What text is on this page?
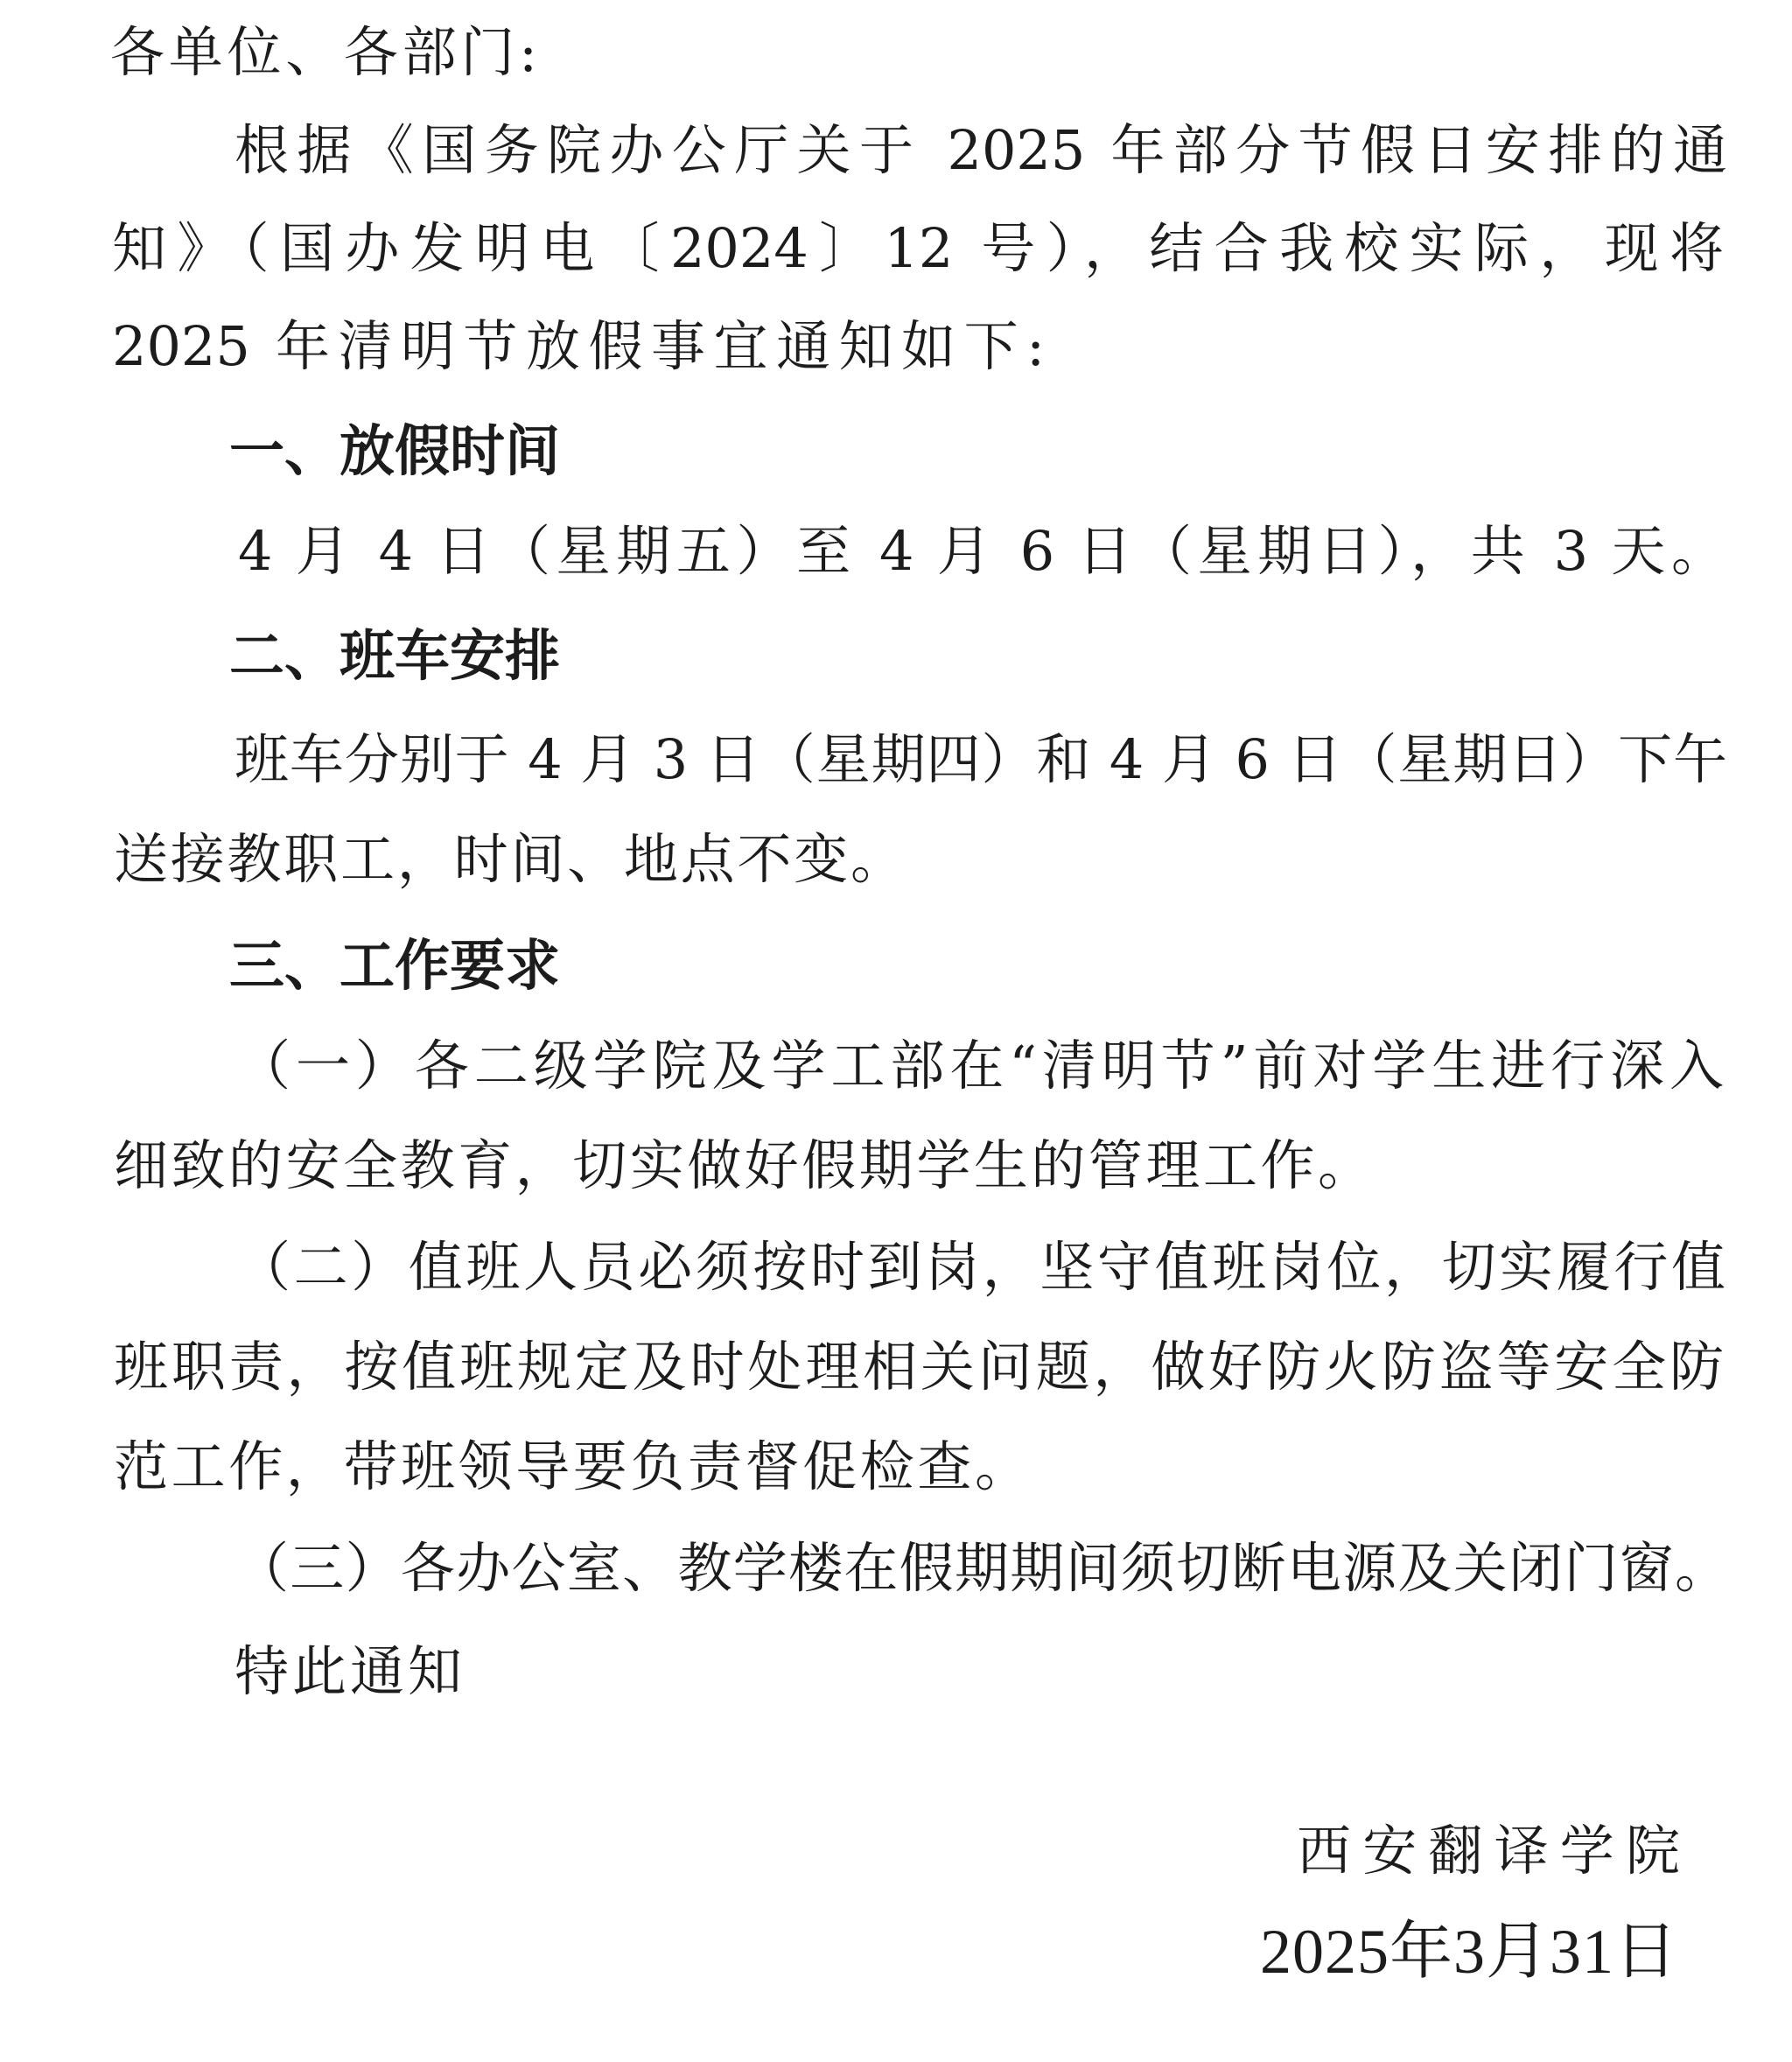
各单位、各部门:

根据《国务院办公厅关于 2025 年部分节假日安排的通

知》（国办发明电〔2024〕12 号），结合我校实际，现将

2025 年清明节放假事宜通知如下:

一、放假时间

4 月 4 日（星期五）至 4 月 6 日（星期日），共 3 天。

二、班车安排

班车分别于 4 月 3 日（星期四）和 4 月 6 日（星期日）下午

送接教职工，时间、地点不变。

三、工作要求

（一）各二级学院及学工部在“清明节”前对学生进行深入

细致的安全教育，切实做好假期学生的管理工作。

（二）值班人员必须按时到岗，坚守值班岗位，切实履行值

班职责，按值班规定及时处理相关问题，做好防火防盗等安全防

范工作，带班领导要负责督促检查。

（三）各办公室、教学楼在假期期间须切断电源及关闭门窗。

特此通知

西安翻译学院

2025年3月31日
